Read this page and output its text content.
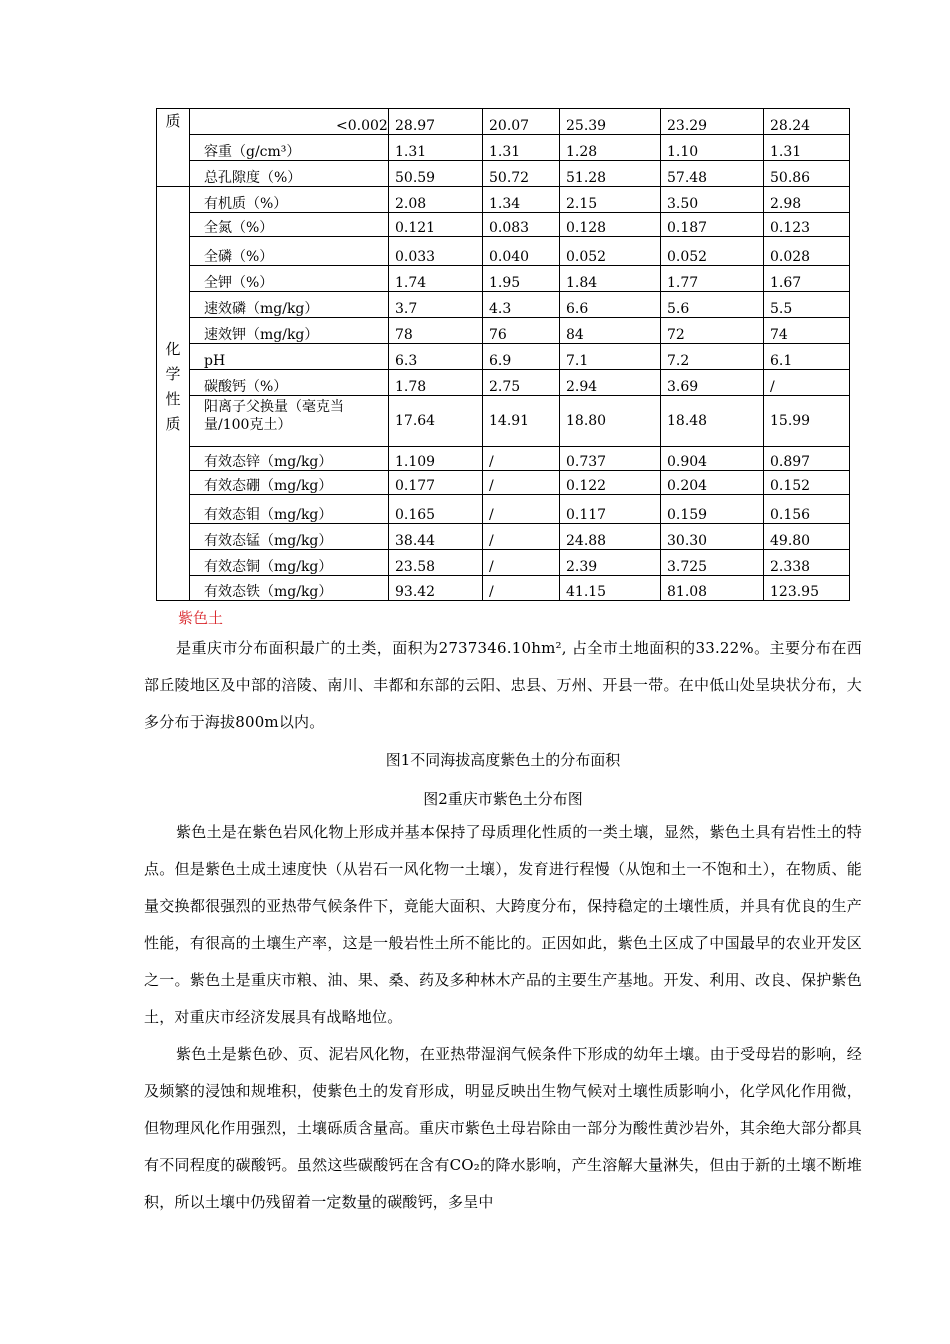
质	<0.002	28.97	20.07	25.39	23.29	28.24
	容重（g/cm³）	1.31	1.31	1.28	1.10	1.31
	总孔隙度（%）	50.59	50.72	51.28	57.48	50.86

化
学
性
质	有机质（%）	2.08	1.34	2.15	3.50	2.98
	全氮（%）	0.121	0.083	0.128	0.187	0.123
	全磷（%）	0.033	0.040	0.052	0.052	0.028
	全钾（%）	1.74	1.95	1.84	1.77	1.67
	速效磷（mg/kg）	3.7	4.3	6.6	5.6	5.5
	速效钾（mg/kg）	78	76	84	72	74
	pH	6.3	6.9	7.1	7.2	6.1
	碳酸钙（%）	1.78	2.75	2.94	3.69	/

	阳离子父换量（毫克当量/100克土）	17.64	14.91	18.80	18.48	15.99
	有效态锌（mg/kg）	1.109	/	0.737	0.904	0.897
	有效态硼（mg/kg）	0.177	/	0.122	0.204	0.152
	有效态钼（mg/kg）	0.165	/	0.117	0.159	0.156
	有效态锰（mg/kg）	38.44	/	24.88	30.30	49.80
	有效态铜（mg/kg）	23.58	/	2.39	3.725	2.338
	有效态铁（mg/kg）	93.42	/	41.15	81.08	123.95
紫色土
是重庆市分布面积最广的土类，面积为2737346.10hm², 占全市土地面积的33.22%。主要分布在西部丘陵地区及中部的涪陵、南川、丰都和东部的云阳、忠县、万州、开县一带。在中低山处呈块状分布，大多分布于海拔800m以内。
图1不同海拔高度紫色土的分布面积
图2重庆市紫色土分布图
紫色土是在紫色岩风化物上形成并基本保持了母质理化性质的一类土壤，显然，紫色土具有岩性土的特点。但是紫色土成土速度快（从岩石一风化物一土壤），发育进行程慢（从饱和土一不饱和土），在物质、能量交换都很强烈的亚热带气候条件下，竟能大面积、大跨度分布，保持稳定的土壤性质，并具有优良的生产性能，有很高的土壤生产率，这是一般岩性土所不能比的。正因如此，紫色土区成了中国最早的农业开发区之一。紫色土是重庆市粮、油、果、桑、药及多种林木产品的主要生产基地。开发、利用、改良、保护紫色土，对重庆市经济发展具有战略地位。
紫色土是紫色砂、页、泥岩风化物，在亚热带湿润气候条件下形成的幼年土壤。由于受母岩的影响，经及频繁的浸蚀和规堆积，使紫色土的发育形成，明显反映出生物气候对土壤性质影响小，化学风化作用微，但物理风化作用强烈，土壤砾质含量高。重庆市紫色土母岩除由一部分为酸性黄沙岩外，其余绝大部分都具有不同程度的碳酸钙。虽然这些碳酸钙在含有CO₂的降水影响，产生溶解大量淋失，但由于新的土壤不断堆积，所以土壤中仍残留着一定数量的碳酸钙，多呈中
